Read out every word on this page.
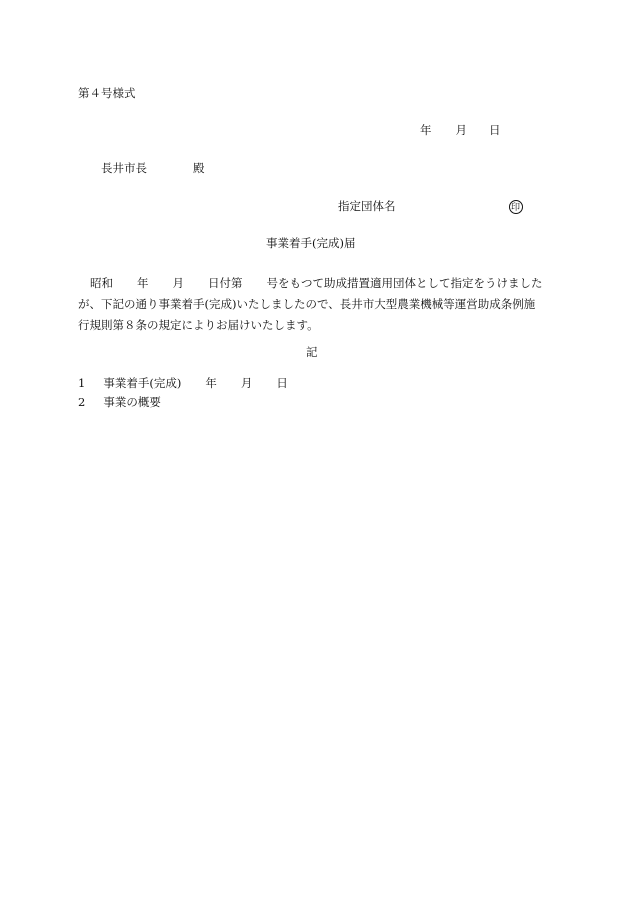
第４号様式
年 月 日
長井市長	殿
指定団体名	印
事業着手(完成)届
昭和 年 月 日付第 号をもつて助成措置適用団体として指定をうけました
が、下記の通り事業着手(完成)いたしましたので、長井市大型農業機械等運営助成条例施
行規則第８条の規定によりお届けいたします。
記
1 事業着手(完成) 年 月 日
2 事業の概要
